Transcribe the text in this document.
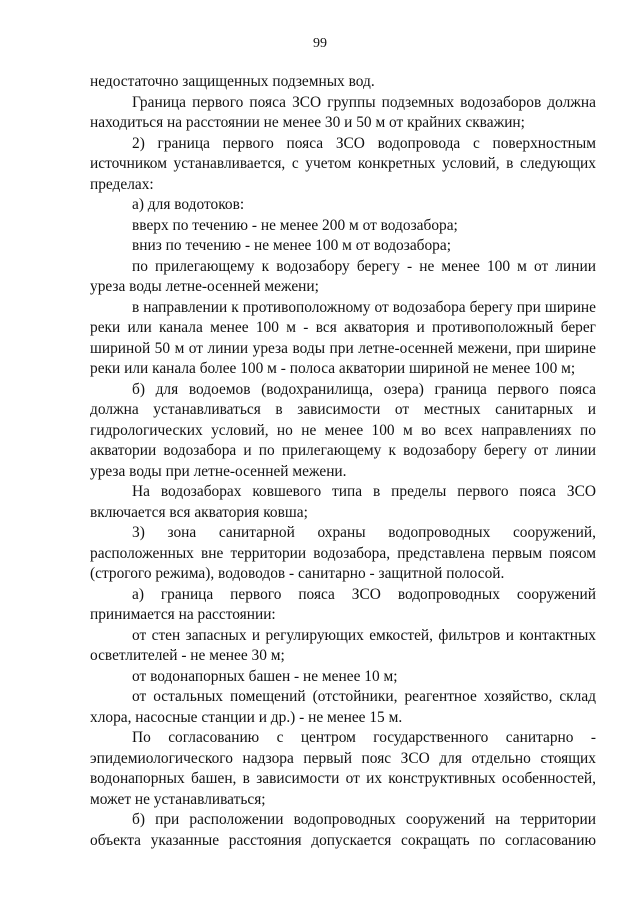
99

недостаточно защищенных подземных вод.

Граница первого пояса ЗСО группы подземных водозаборов должна находиться на расстоянии не менее 30 и 50 м от крайних скважин;

2) граница первого пояса ЗСО водопровода с поверхностным источником устанавливается, с учетом конкретных условий, в следующих пределах:

а) для водотоков:

вверх по течению - не менее 200 м от водозабора;

вниз по течению - не менее 100 м от водозабора;

по прилегающему к водозабору берегу - не менее 100 м от линии уреза воды летне-осенней межени;

в направлении к противоположному от водозабора берегу при ширине реки или канала менее 100 м - вся акватория и противоположный берег шириной 50 м от линии уреза воды при летне-осенней межени, при ширине реки или канала более 100 м - полоса акватории шириной не менее 100 м;

б) для водоемов (водохранилища, озера) граница первого пояса должна устанавливаться в зависимости от местных санитарных и гидрологических условий, но не менее 100 м во всех направлениях по акватории водозабора и по прилегающему к водозабору берегу от линии уреза воды при летне-осенней межени.

На водозаборах ковшевого типа в пределы первого пояса ЗСО включается вся акватория ковша;

3) зона санитарной охраны водопроводных сооружений, расположенных вне территории водозабора, представлена первым поясом (строгого режима), водоводов - санитарно - защитной полосой.

а) граница первого пояса ЗСО водопроводных сооружений принимается на расстоянии:

от стен запасных и регулирующих емкостей, фильтров и контактных осветлителей - не менее 30 м;

от водонапорных башен - не менее 10 м;

от остальных помещений (отстойники, реагентное хозяйство, склад хлора, насосные станции и др.) - не менее 15 м.

По согласованию с центром государственного санитарно - эпидемиологического надзора первый пояс ЗСО для отдельно стоящих водонапорных башен, в зависимости от их конструктивных особенностей, может не устанавливаться;

б) при расположении водопроводных сооружений на территории объекта указанные расстояния допускается сокращать по согласованию
